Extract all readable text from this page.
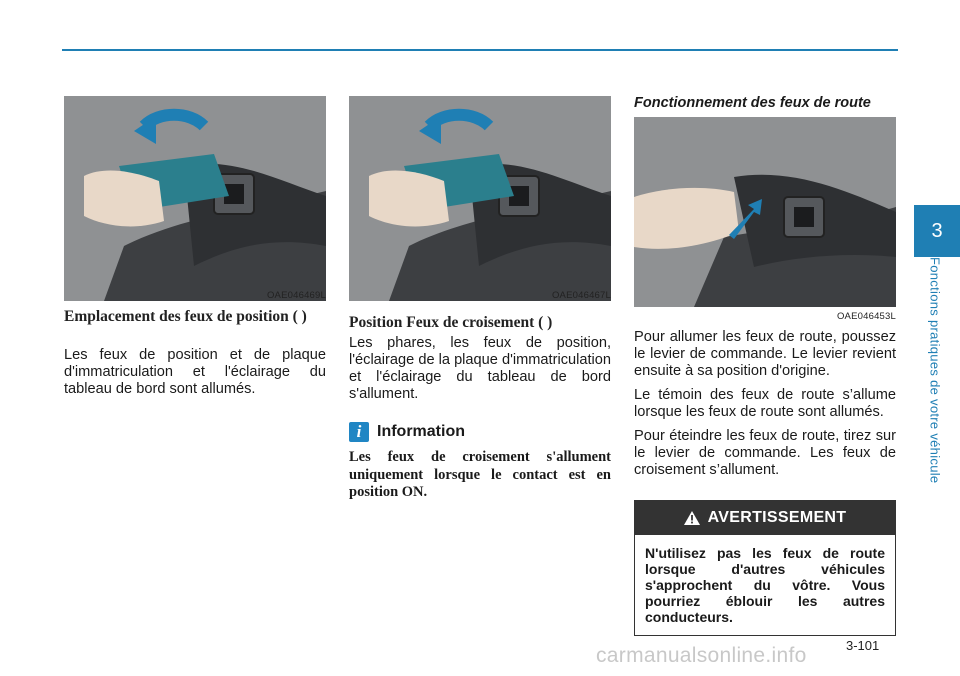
OAE046469L
Emplacement des feux de position ( )
Les feux de position et de plaque d'immatriculation et l'éclairage du tableau de bord sont allumés.
OAE046467L
Position Feux de croisement ( )
Les phares, les feux de position, l'éclairage de la plaque d'immatriculation et l'éclairage du tableau de bord s'allument.
i Information
Les feux de croisement s'allument uniquement lorsque le contact est en position ON.
Fonctionnement des feux de route
OAE046453L

Pour allumer les feux de route, poussez le levier de commande. Le levier revient ensuite à sa position d'origine.

Le témoin des feux de route s’allume lorsque les feux de route sont allumés.

Pour éteindre les feux de route, tirez sur le levier de commande. Les feux de croisement s’allument.

AVERTISSEMENT
N'utilisez pas les feux de route lorsque d'autres véhicules s'approchent du vôtre. Vous pourriez éblouir les autres conducteurs.
3
Fonctions pratiques de votre véhicule
3-101
carmanualsonline.info
